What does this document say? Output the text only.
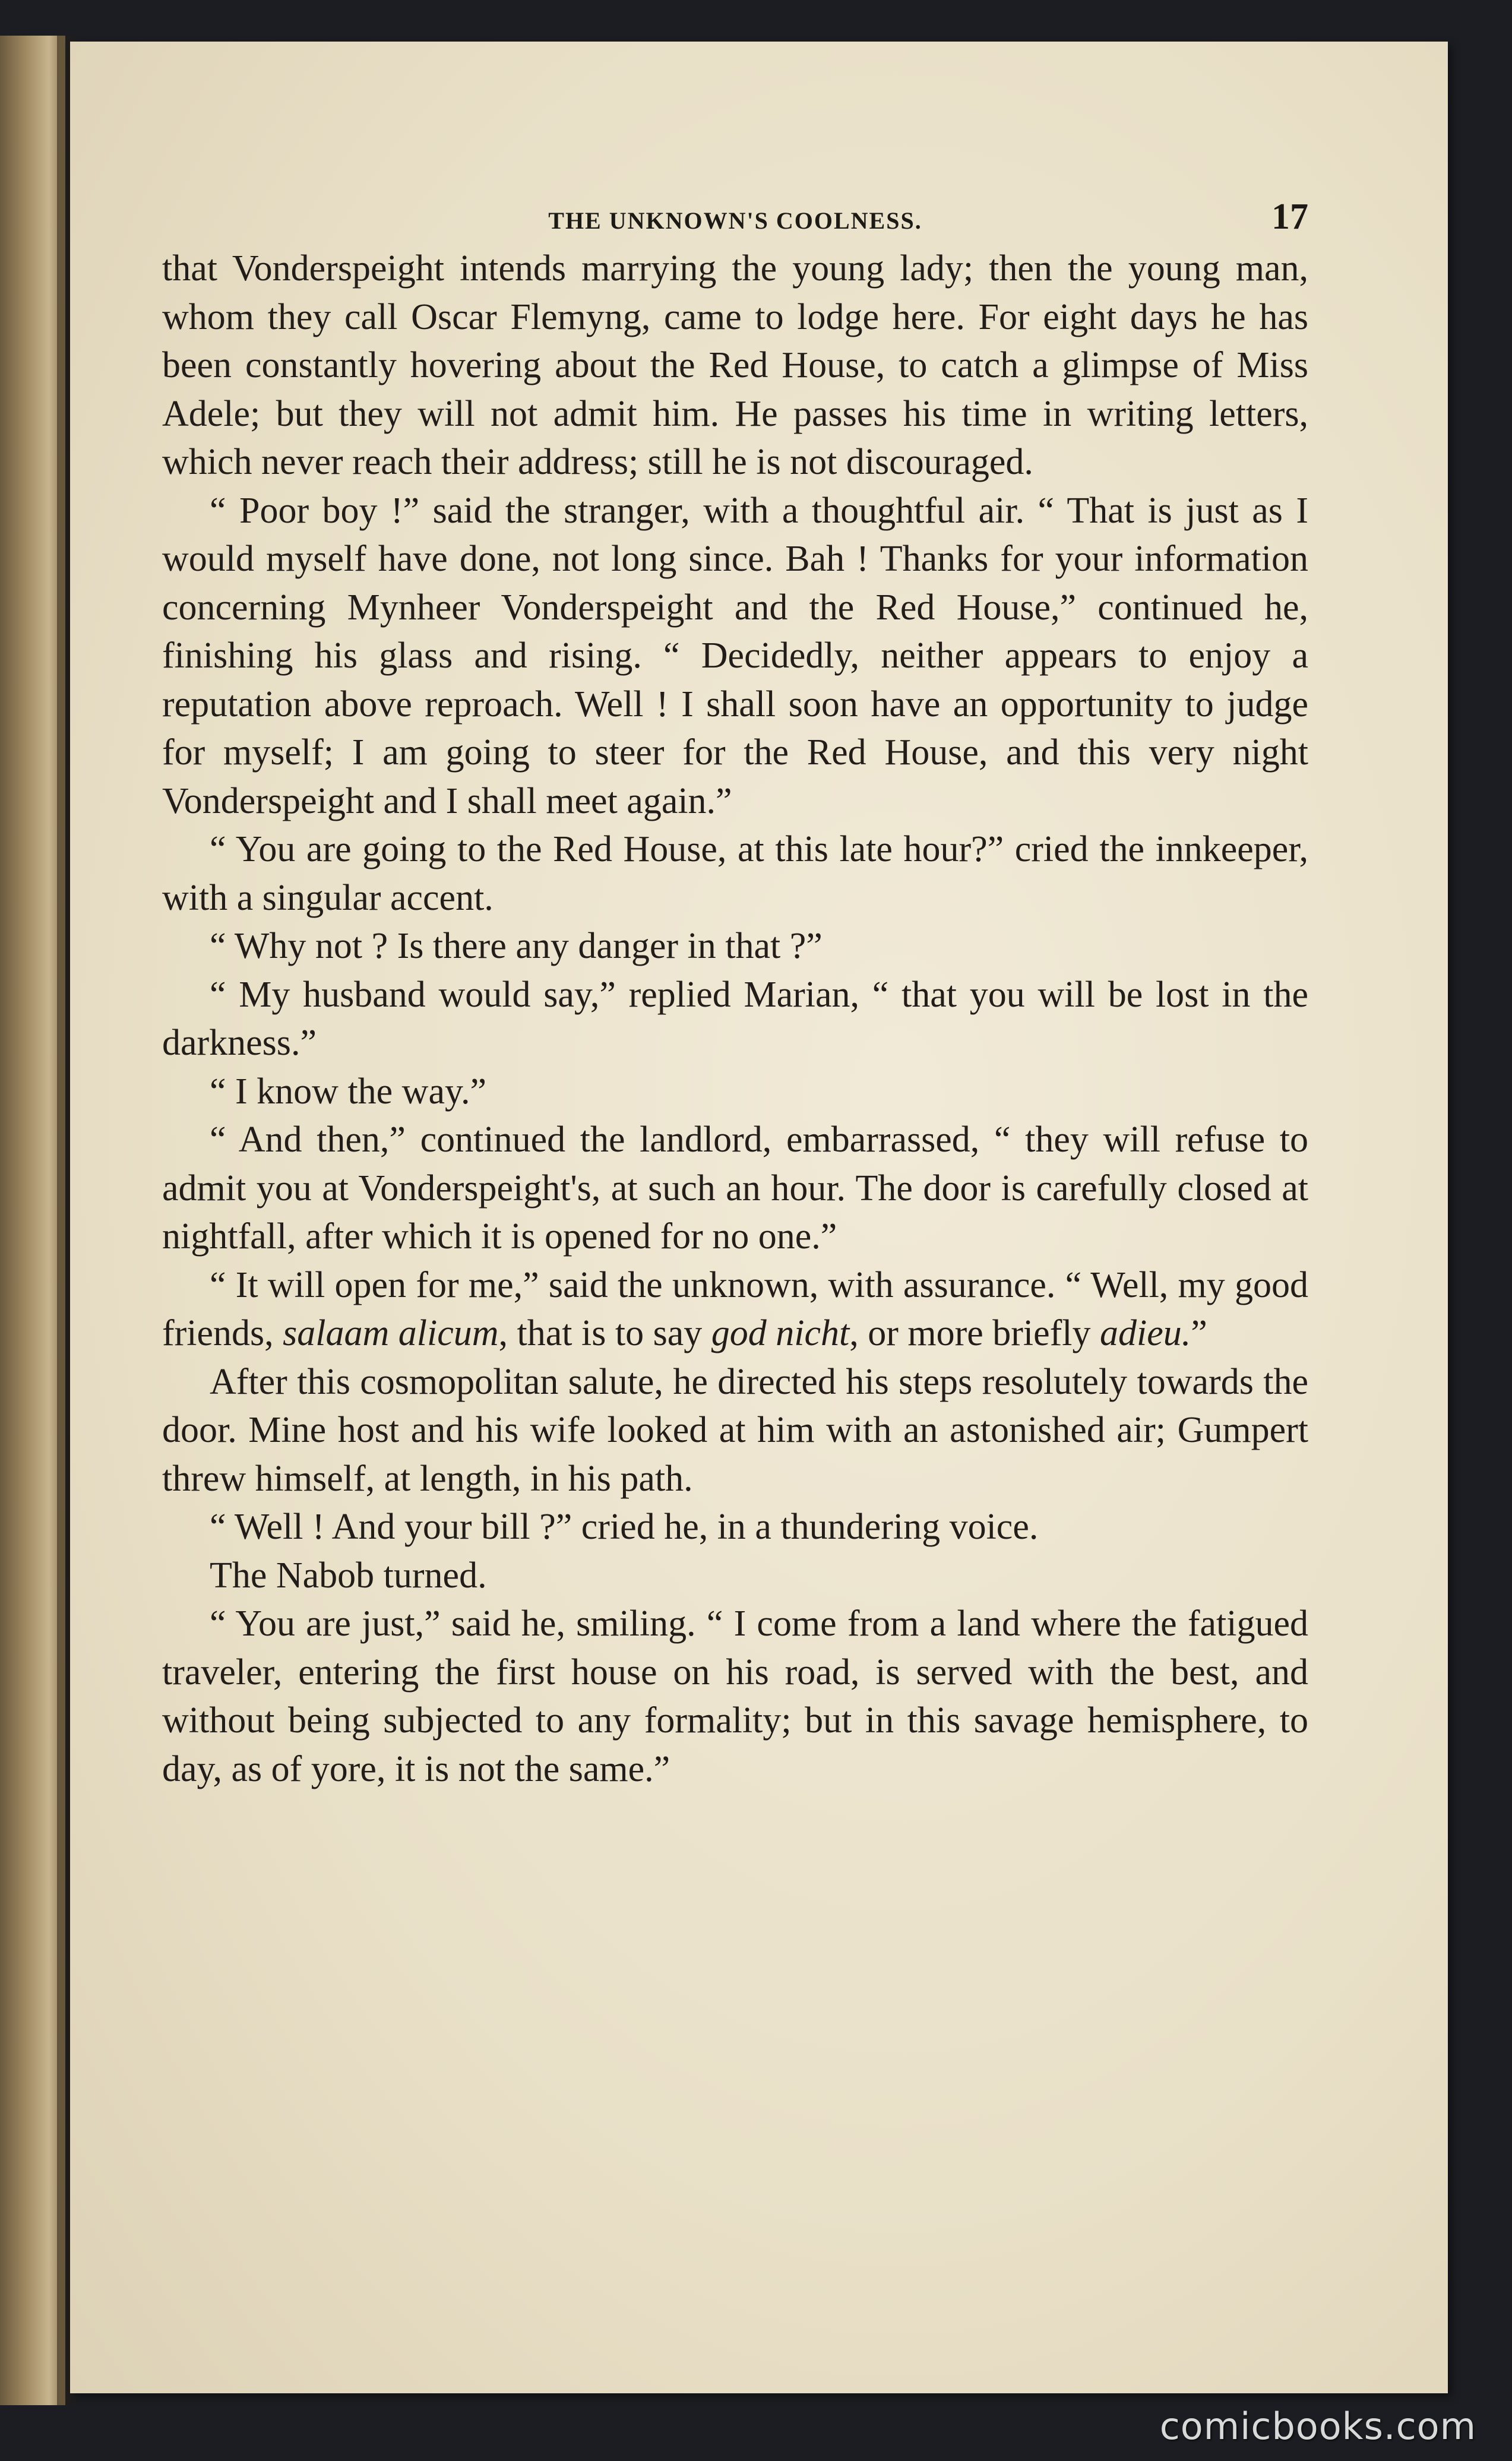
THE UNKNOWN'S COOLNESS.	17

that Vonderspeight intends marrying the young lady; then the young man, whom they call Oscar Flemyng, came to lodge here. For eight days he has been constantly hovering about the Red House, to catch a glimpse of Miss Adele; but they will not admit him. He passes his time in writing letters, which never reach their address; still he is not discouraged.

“ Poor boy !” said the stranger, with a thoughtful air. “ That is just as I would myself have done, not long since. Bah ! Thanks for your information concerning Mynheer Vonderspeight and the Red House,” continued he, finishing his glass and rising. “ Decidedly, neither appears to enjoy a reputation above reproach. Well ! I shall soon have an opportunity to judge for myself; I am going to steer for the Red House, and this very night Vonderspeight and I shall meet again.”

“ You are going to the Red House, at this late hour?” cried the innkeeper, with a singular accent.

“ Why not ? Is there any danger in that ?”

“ My husband would say,” replied Marian, “ that you will be lost in the darkness.”

“ I know the way.”

“ And then,” continued the landlord, embarrassed, “ they will refuse to admit you at Vonderspeight's, at such an hour. The door is carefully closed at nightfall, after which it is opened for no one.”

“ It will open for me,” said the unknown, with assurance. “ Well, my good friends, salaam alicum, that is to say god nicht, or more briefly adieu.”

After this cosmopolitan salute, he directed his steps resolutely towards the door. Mine host and his wife looked at him with an astonished air; Gumpert threw himself, at length, in his path.

“ Well ! And your bill ?” cried he, in a thundering voice.

The Nabob turned.

“ You are just,” said he, smiling. “ I come from a land where the fatigued traveler, entering the first house on his road, is served with the best, and without being subjected to any formality; but in this savage hemisphere, to day, as of yore, it is not the same.”

comicbooks.com
